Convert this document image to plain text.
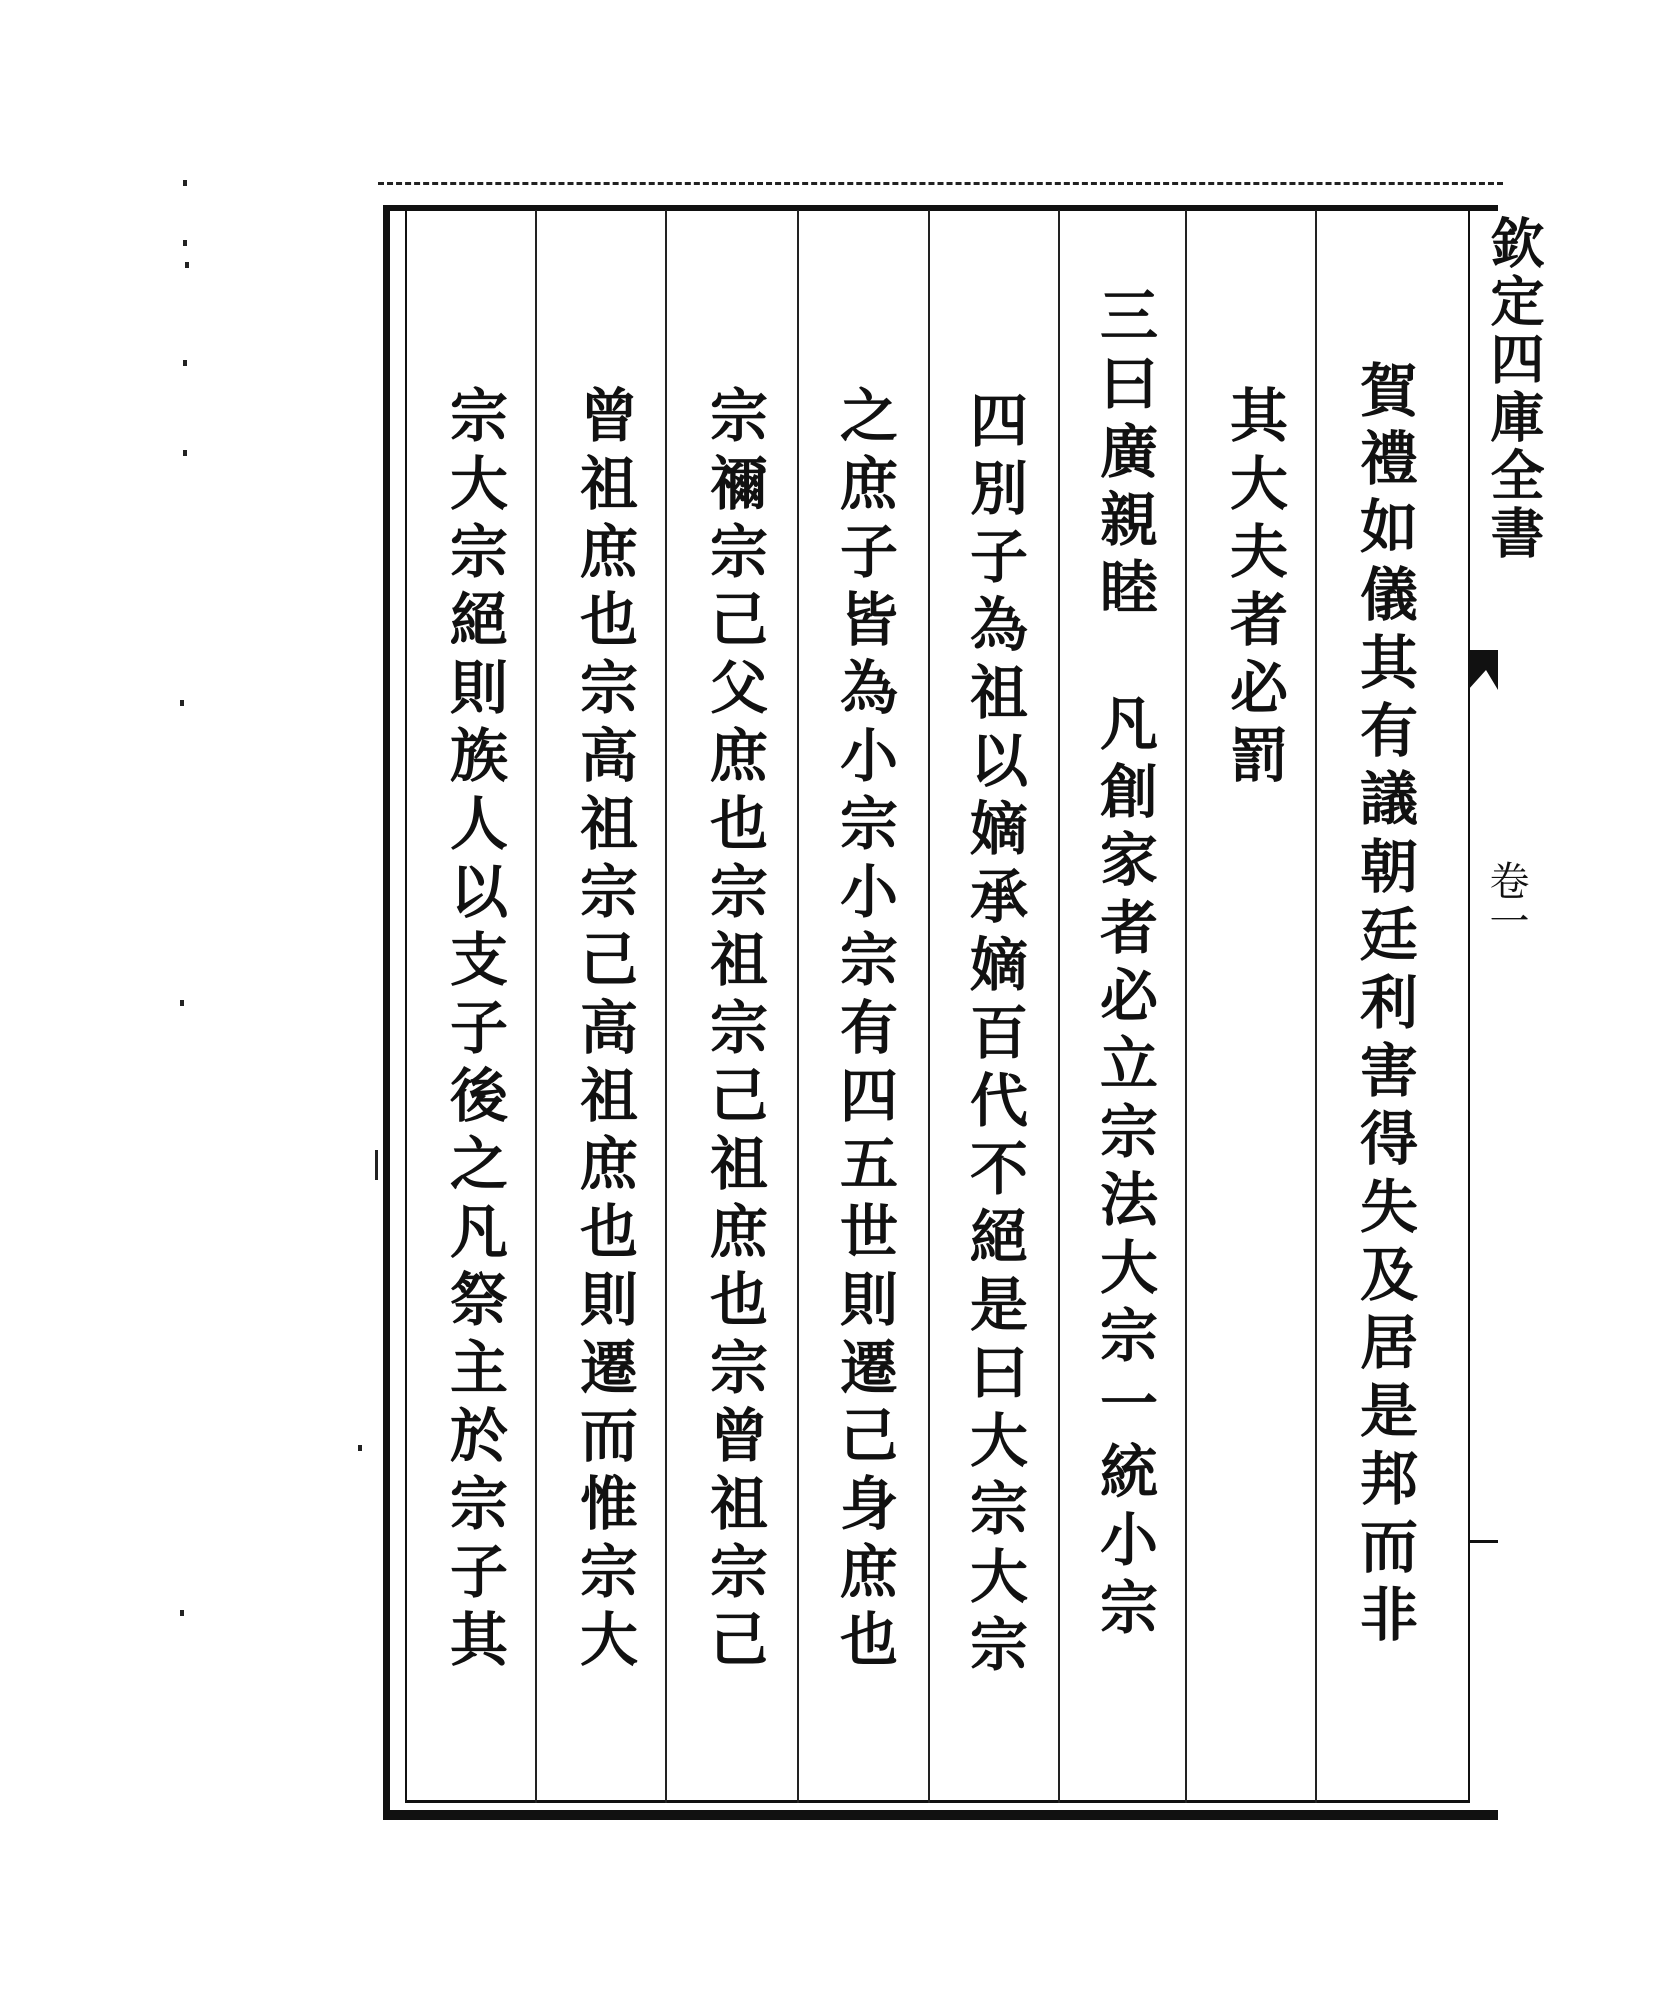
欽定四庫全書
卷一
賀禮如儀其有議朝廷利害得失及居是邦而非
其大夫者必罰
三曰廣親睦　凡創家者必立宗法大宗一統小宗
四別子為祖以嫡承嫡百代不絕是曰大宗大宗
之庶子皆為小宗小宗有四五世則遷己身庶也
宗禰宗己父庶也宗祖宗己祖庶也宗曾祖宗己
曾祖庶也宗高祖宗己高祖庶也則遷而惟宗大
宗大宗絕則族人以支子後之凡祭主於宗子其
